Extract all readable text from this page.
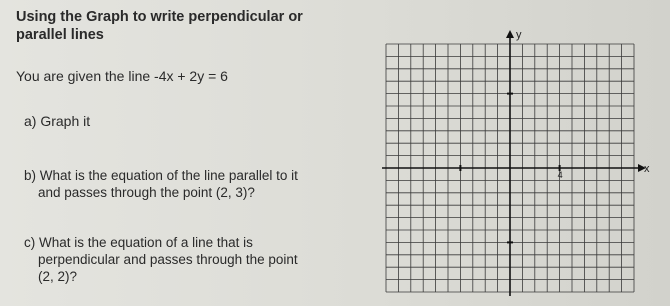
Using the Graph to write perpendicular or
parallel lines

You are given the line -4x + 2y = 6
a) Graph it
b) What is the equation of the line parallel to it
and passes through the point (2, 3)?
c) What is the equation of a line that is
perpendicular and passes through the point
(2, 2)?
y
x
4
